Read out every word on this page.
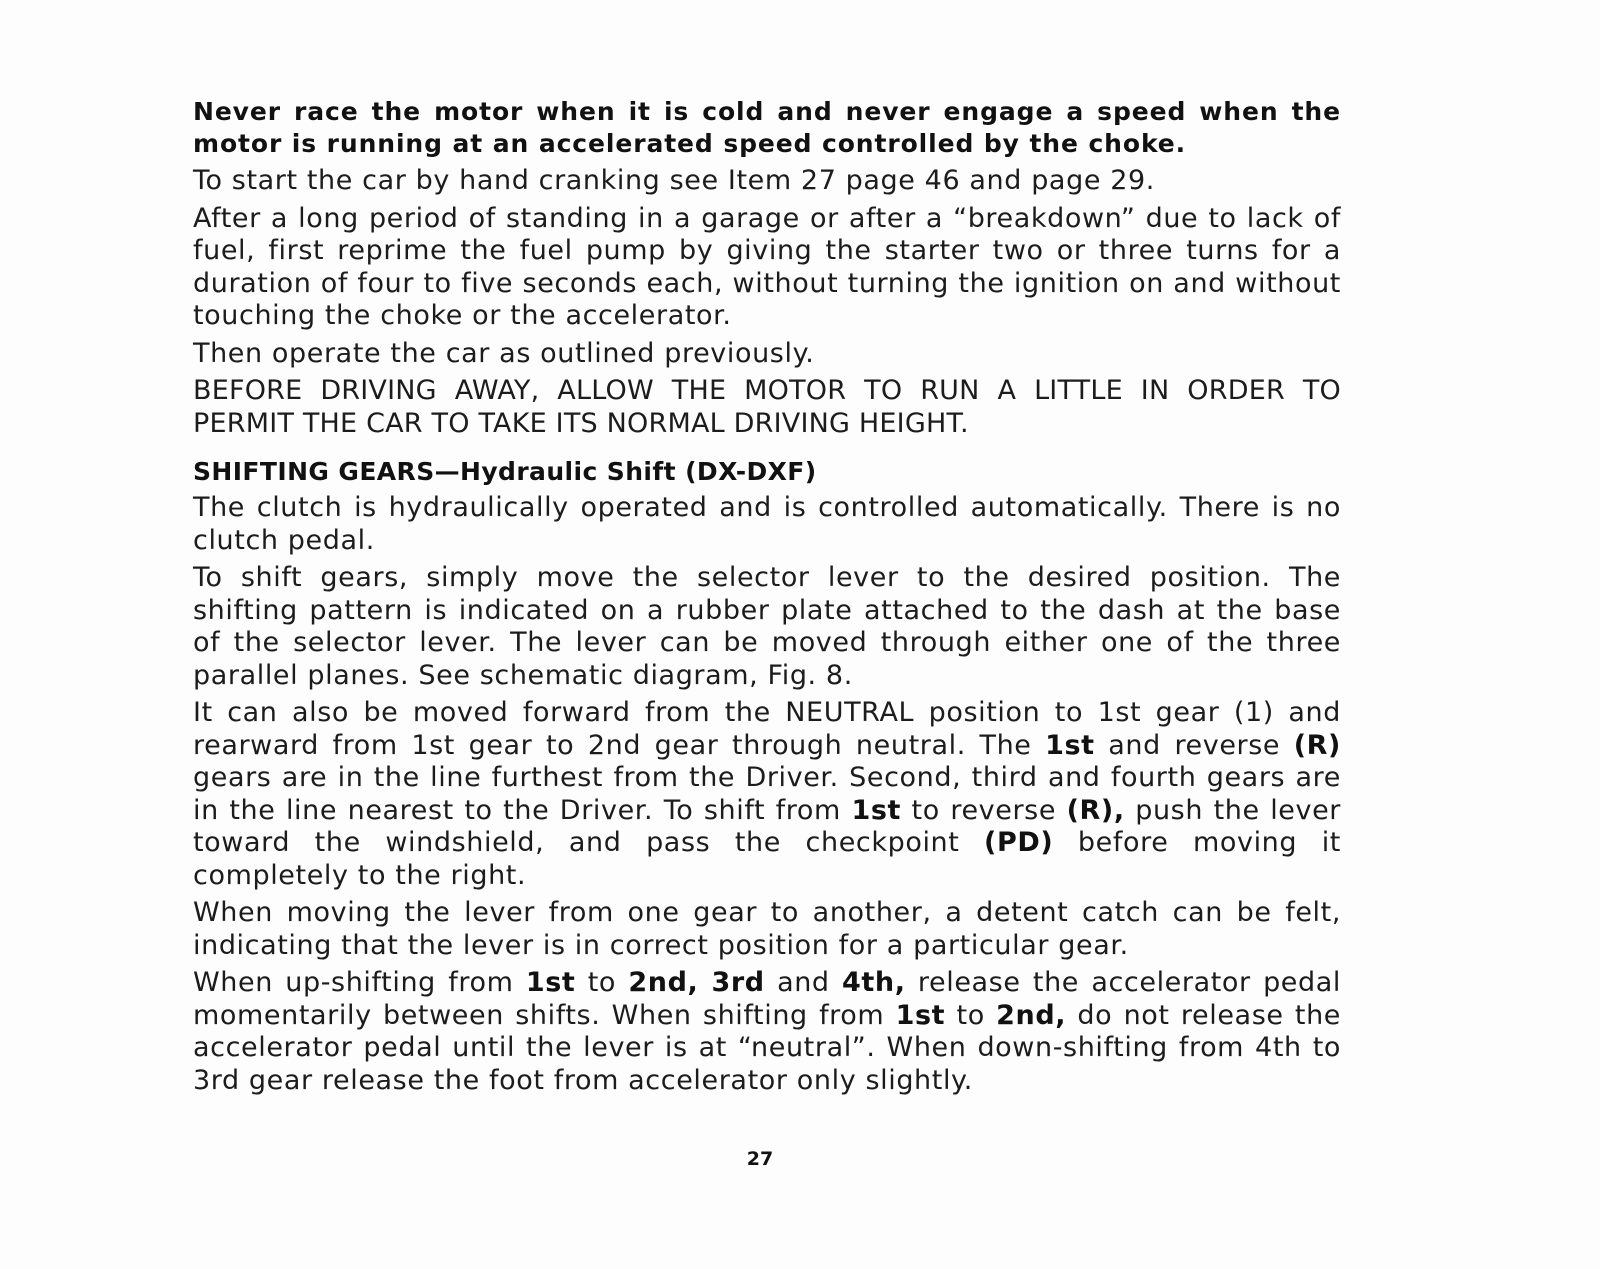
Never race the motor when it is cold and never engage a speed when the motor is running at an accelerated speed controlled by the choke.

To start the car by hand cranking see Item 27 page 46 and page 29.

After a long period of standing in a garage or after a “breakdown” due to lack of fuel, first reprime the fuel pump by giving the starter two or three turns for a duration of four to five seconds each, without turning the ignition on and without touching the choke or the accelerator.

Then operate the car as outlined previously.

BEFORE DRIVING AWAY, ALLOW THE MOTOR TO RUN A LITTLE IN ORDER TO PERMIT THE CAR TO TAKE ITS NORMAL DRIVING HEIGHT.

SHIFTING GEARS—Hydraulic Shift (DX-DXF)

The clutch is hydraulically operated and is controlled automatically. There is no clutch pedal.

To shift gears, simply move the selector lever to the desired position. The shifting pattern is indicated on a rubber plate attached to the dash at the base of the selector lever. The lever can be moved through either one of the three parallel planes. See schematic diagram, Fig. 8.

It can also be moved forward from the NEUTRAL position to 1st gear (1) and rearward from 1st gear to 2nd gear through neutral. The 1st and reverse (R) gears are in the line furthest from the Driver. Second, third and fourth gears are in the line nearest to the Driver. To shift from 1st to reverse (R), push the lever toward the windshield, and pass the checkpoint (PD) before moving it completely to the right.

When moving the lever from one gear to another, a detent catch can be felt, indicating that the lever is in correct position for a particular gear.

When up-shifting from 1st to 2nd, 3rd and 4th, release the accelerator pedal momentarily between shifts. When shifting from 1st to 2nd, do not release the accelerator pedal until the lever is at “neutral”. When down-shifting from 4th to 3rd gear release the foot from accelerator only slightly.

27
